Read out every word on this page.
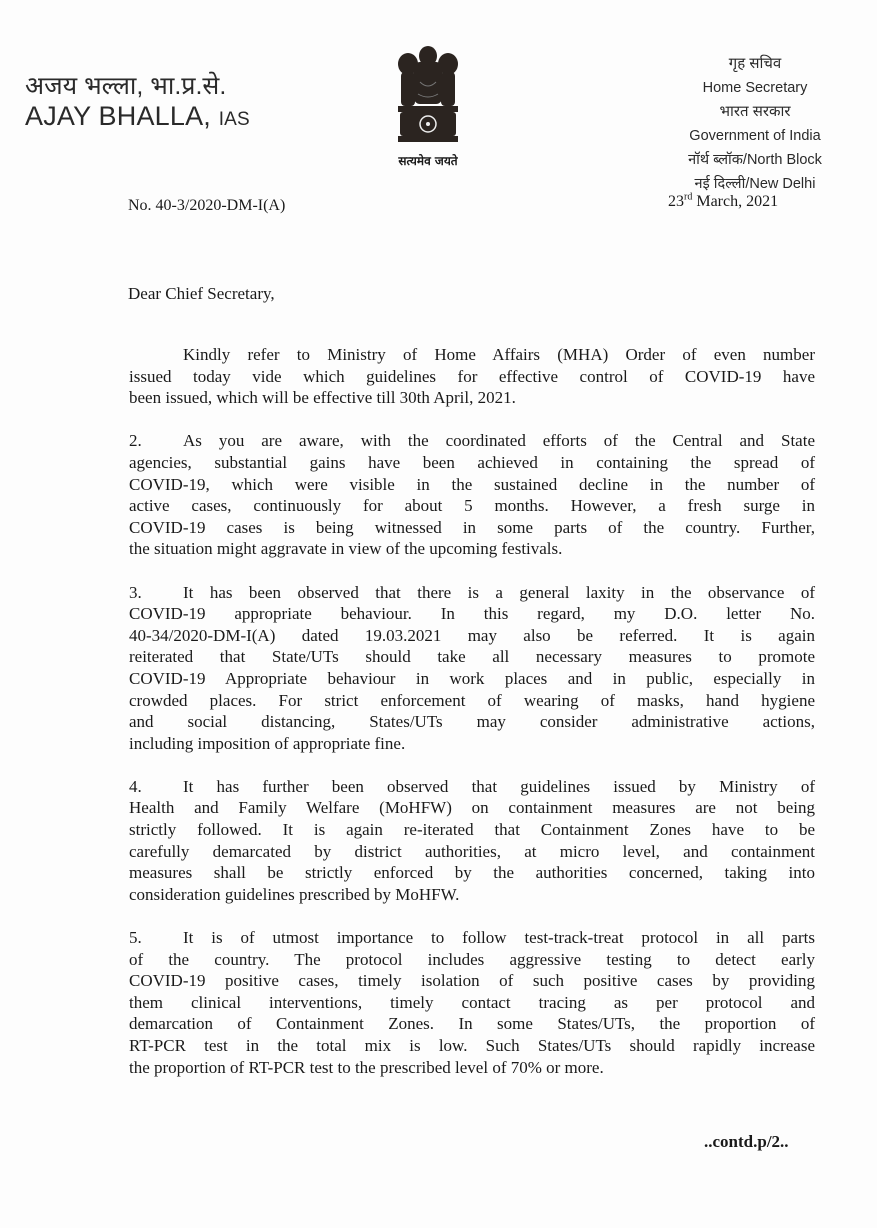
अजय भल्ला, भा.प्र.से.
AJAY BHALLA, IAS
सत्यमेव जयते
गृह सचिव
Home Secretary
भारत सरकार
Government of India
नॉर्थ ब्लॉक/North Block
नई दिल्ली/New Delhi
No. 40-3/2020-DM-I(A)	23rd March, 2021
Dear Chief Secretary,
Kindly refer to Ministry of Home Affairs (MHA) Order of even number
issued today vide which guidelines for effective control of COVID-19 have
been issued, which will be effective till 30th April, 2021.
2.	As you are aware, with the coordinated efforts of the Central and State
agencies, substantial gains have been achieved in containing the spread of
COVID-19, which were visible in the sustained decline in the number of
active cases, continuously for about 5 months. However, a fresh surge in
COVID-19 cases is being witnessed in some parts of the country. Further,
the situation might aggravate in view of the upcoming festivals.
3.	It has been observed that there is a general laxity in the observance of
COVID-19 appropriate behaviour. In this regard, my D.O. letter No.
40-34/2020-DM-I(A) dated 19.03.2021 may also be referred. It is again
reiterated that State/UTs should take all necessary measures to promote
COVID-19 Appropriate behaviour in work places and in public, especially in
crowded places. For strict enforcement of wearing of masks, hand hygiene
and social distancing, States/UTs may consider administrative actions,
including imposition of appropriate fine.
4.	It has further been observed that guidelines issued by Ministry of
Health and Family Welfare (MoHFW) on containment measures are not being
strictly followed. It is again re-iterated that Containment Zones have to be
carefully demarcated by district authorities, at micro level, and containment
measures shall be strictly enforced by the authorities concerned, taking into
consideration guidelines prescribed by MoHFW.
5.	It is of utmost importance to follow test-track-treat protocol in all parts
of the country. The protocol includes aggressive testing to detect early
COVID-19 positive cases, timely isolation of such positive cases by providing
them clinical interventions, timely contact tracing as per protocol and
demarcation of Containment Zones. In some States/UTs, the proportion of
RT-PCR test in the total mix is low. Such States/UTs should rapidly increase
the proportion of RT-PCR test to the prescribed level of 70% or more.
..contd.p/2..
